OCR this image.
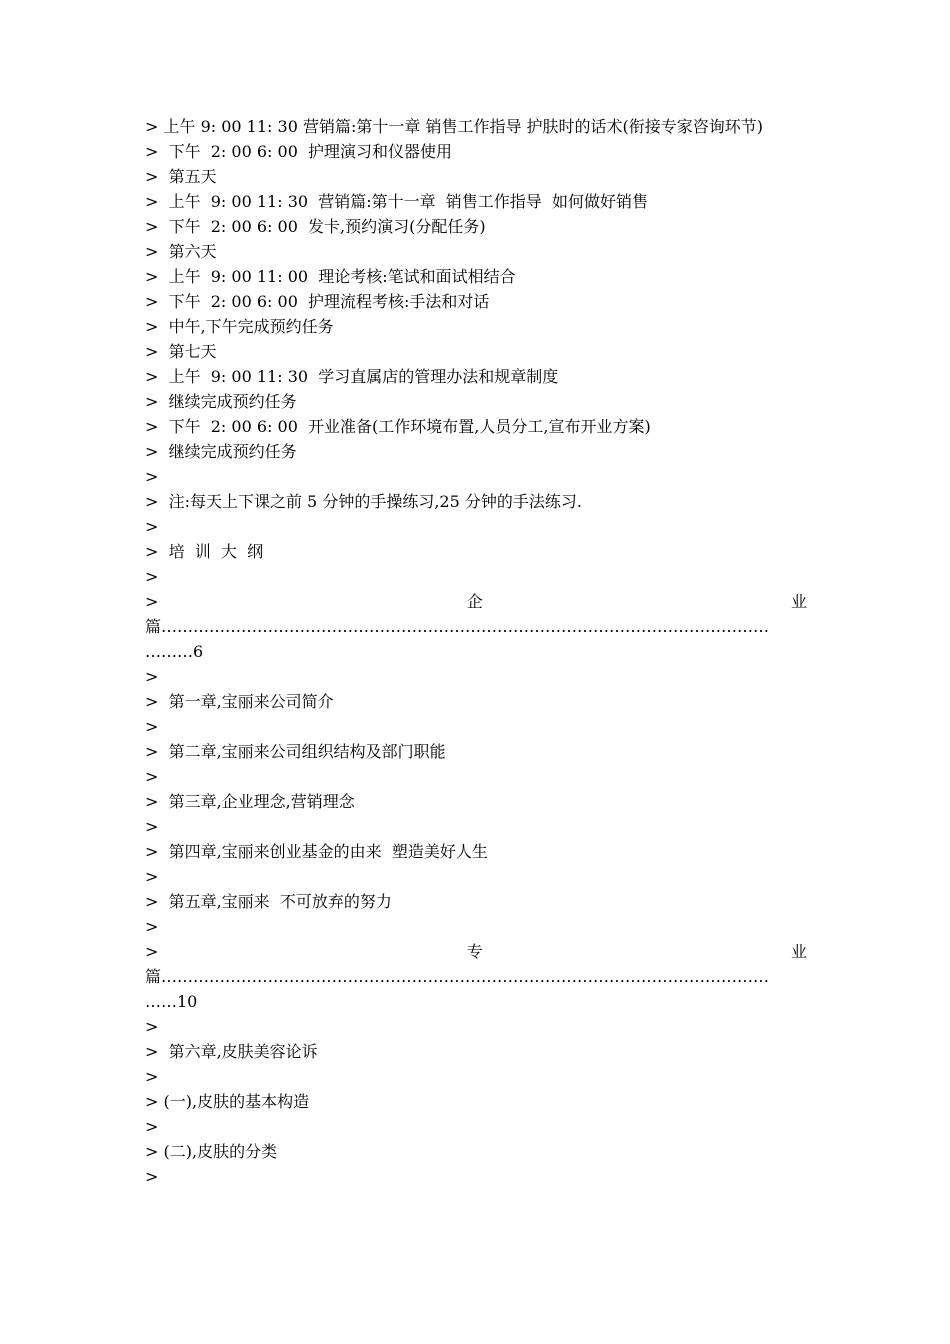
> 上午 9: 00 11: 30 营销篇:第十一章 销售工作指导 护肤时的话术(衔接专家咨询环节)
>  下午  2: 00 6: 00  护理演习和仪器使用
>  第五天
>  上午  9: 00 11: 30  营销篇:第十一章  销售工作指导  如何做好销售
>  下午  2: 00 6: 00  发卡,预约演习(分配任务)
>  第六天
>  上午  9: 00 11: 00  理论考核:笔试和面试相结合
>  下午  2: 00 6: 00  护理流程考核:手法和对话
>  中午,下午完成预约任务
>  第七天
>  上午  9: 00 11: 30  学习直属店的管理办法和规章制度
>  继续完成预约任务
>  下午  2: 00 6: 00  开业准备(工作环境布置,人员分工,宣布开业方案)
>  继续完成预约任务
>
>  注:每天上下课之前 5 分钟的手操练习,25 分钟的手法练习.
>
>  培  训  大  纲
>
>	企	业
篇……………………………………………………………………………………………………
………6
>
>  第一章,宝丽来公司简介
>
>  第二章,宝丽来公司组织结构及部门职能
>
>  第三章,企业理念,营销理念
>
>  第四章,宝丽来创业基金的由来  塑造美好人生
>
>  第五章,宝丽来  不可放弃的努力
>
>	专	业
篇……………………………………………………………………………………………………
……10
>
>  第六章,皮肤美容论诉
>
> (一),皮肤的基本构造
>
> (二),皮肤的分类
>
